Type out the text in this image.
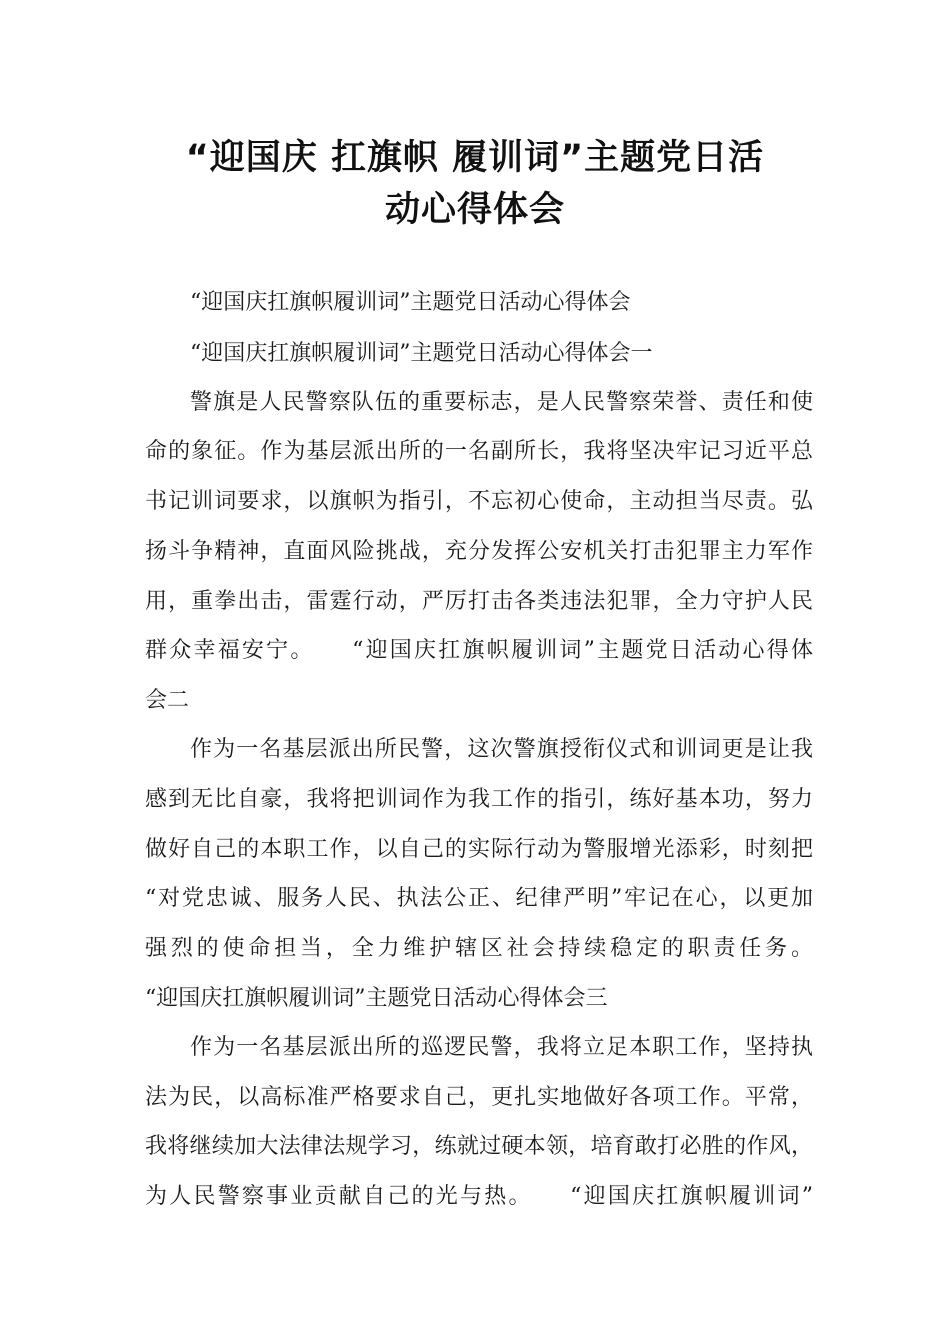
“迎国庆 扛旗帜 履训词”主题党日活
动心得体会
“迎国庆扛旗帜履训词”主题党日活动心得体会
“迎国庆扛旗帜履训词”主题党日活动心得体会一
警旗是人民警察队伍的重要标志，是人民警察荣誉、责任和使
命的象征。作为基层派出所的一名副所长，我将坚决牢记习近平总
书记训词要求，以旗帜为指引，不忘初心使命，主动担当尽责。弘
扬斗争精神，直面风险挑战，充分发挥公安机关打击犯罪主力军作
用，重拳出击，雷霆行动，严厉打击各类违法犯罪，全力守护人民
群众幸福安宁。　　“迎国庆扛旗帜履训词”主题党日活动心得体
会二
作为一名基层派出所民警，这次警旗授衔仪式和训词更是让我
感到无比自豪，我将把训词作为我工作的指引，练好基本功，努力
做好自己的本职工作，以自己的实际行动为警服增光添彩，时刻把
“对党忠诚、服务人民、执法公正、纪律严明”牢记在心，以更加
强烈的使命担当，全力维护辖区社会持续稳定的职责任务。
“迎国庆扛旗帜履训词”主题党日活动心得体会三
作为一名基层派出所的巡逻民警，我将立足本职工作，坚持执
法为民，以高标准严格要求自己，更扎实地做好各项工作。平常，
我将继续加大法律法规学习，练就过硬本领，培育敢打必胜的作风，
为人民警察事业贡献自己的光与热。　　“迎国庆扛旗帜履训词”
